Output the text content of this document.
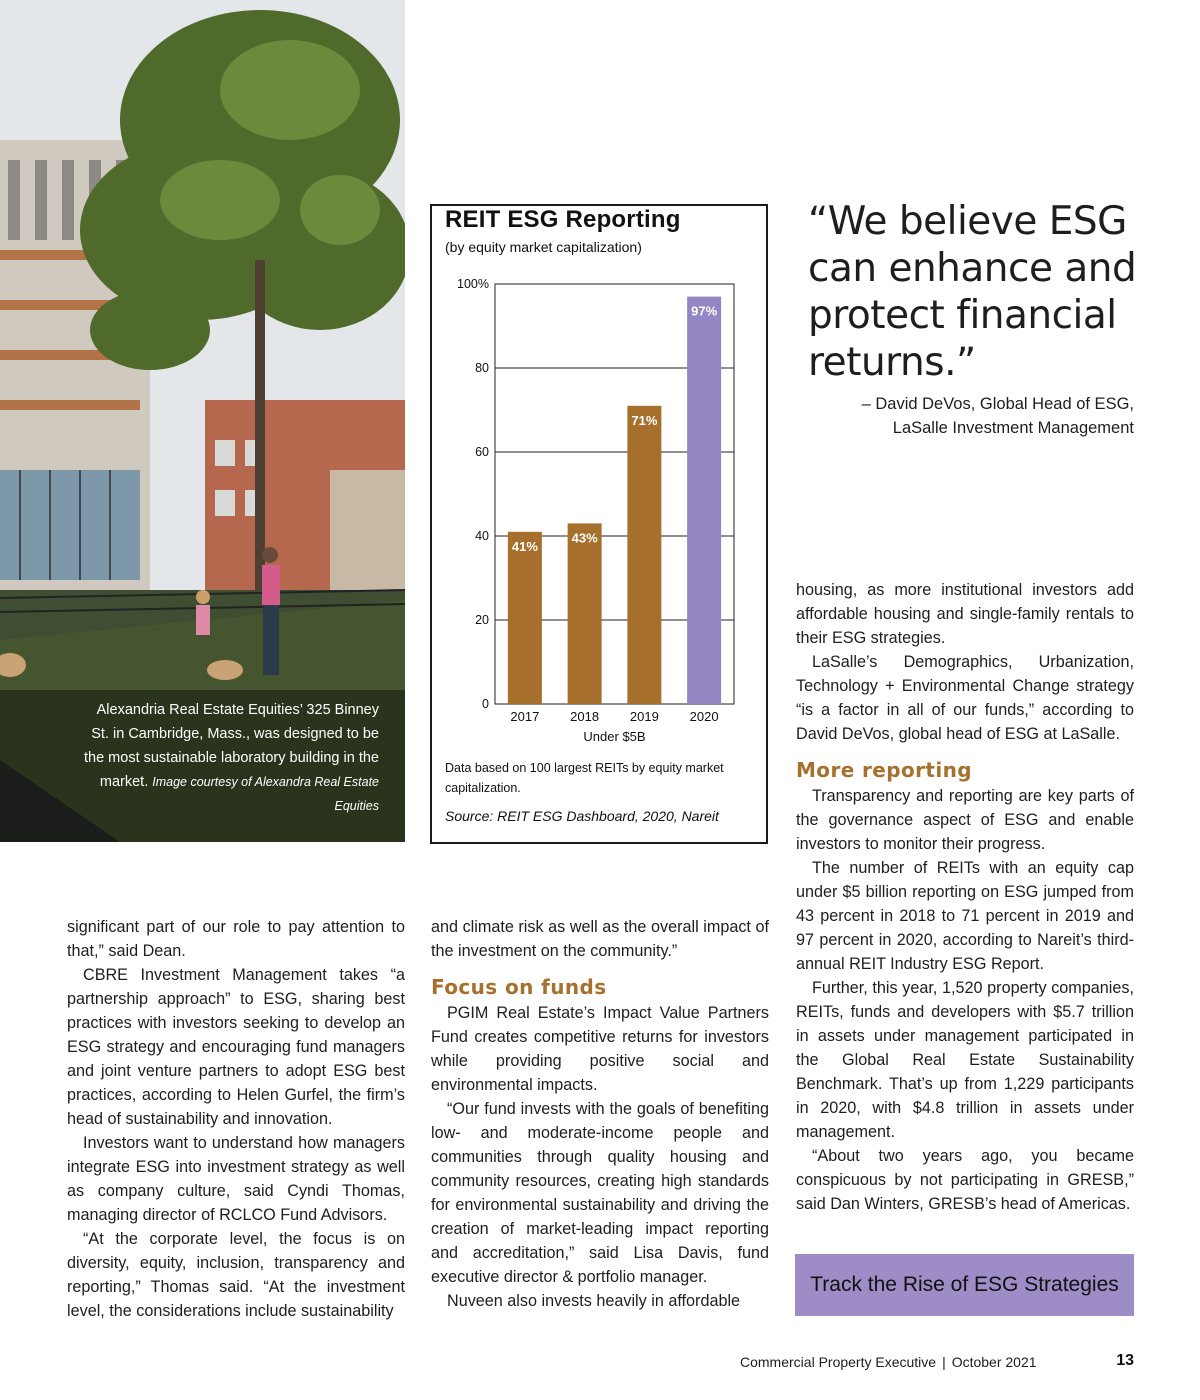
Alexandria Real Estate Equities’ 325 Binney St. in Cambridge, Mass., was designed to be the most sustainable laboratory building in the market. Image courtesy of Alexandra Real Estate Equities
REIT ESG Reporting
(by equity market capitalization)
0
20
40
60
80
100%
41%
2017
43%
2018
71%
2019
97%
2020
Under $5B
Data based on 100 largest REITs by equity market capitalization.
Source: REIT ESG Dashboard, 2020, Nareit
“We believe ESG can enhance and protect financial returns.”
– David DeVos, Global Head of ESG,
LaSalle Investment Management

significant part of our role to pay attention to that,” said Dean.

CBRE Investment Management takes “a partnership approach” to ESG, sharing best practices with investors seeking to develop an ESG strategy and encouraging fund managers and joint venture partners to adopt ESG best practices, according to Helen Gurfel, the firm’s head of sustainability and innovation.

Investors want to understand how managers integrate ESG into investment strategy as well as company culture, said Cyndi Thomas, managing director of RCLCO Fund Advisors.

“At the corporate level, the focus is on diversity, equity, inclusion, transparency and reporting,” Thomas said. “At the investment level, the considerations include sustainability

and climate risk as well as the overall impact of the investment on the community.”

Focus on funds

PGIM Real Estate’s Impact Value Partners Fund creates competitive returns for investors while providing positive social and environmental impacts.

“Our fund invests with the goals of benefiting low- and moderate-income people and communities through quality housing and community resources, creating high standards for environmental sustainability and driving the creation of market-leading impact reporting and accreditation,” said Lisa Davis, fund executive director & portfolio manager.

Nuveen also invests heavily in affordable

housing, as more institutional investors add affordable housing and single-family rentals to their ESG strategies.

LaSalle’s Demographics, Urbanization, Technology + Environmental Change strategy “is a factor in all of our funds,” according to David DeVos, global head of ESG at LaSalle.

More reporting

Transparency and reporting are key parts of the governance aspect of ESG and enable investors to monitor their progress.

The number of REITs with an equity cap under $5 billion reporting on ESG jumped from 43 percent in 2018 to 71 percent in 2019 and 97 percent in 2020, according to Nareit’s third-annual REIT Industry ESG Report.

Further, this year, 1,520 property companies, REITs, funds and developers with $5.7 trillion in assets under management participated in the Global Real Estate Sustainability Benchmark. That’s up from 1,229 participants in 2020, with $4.8 trillion in assets under management.

“About two years ago, you became conspicuous by not participating in GRESB,” said Dan Winters, GRESB’s head of Americas.

Track the Rise of ESG Strategies
Commercial Property Executive | October 2021	13
